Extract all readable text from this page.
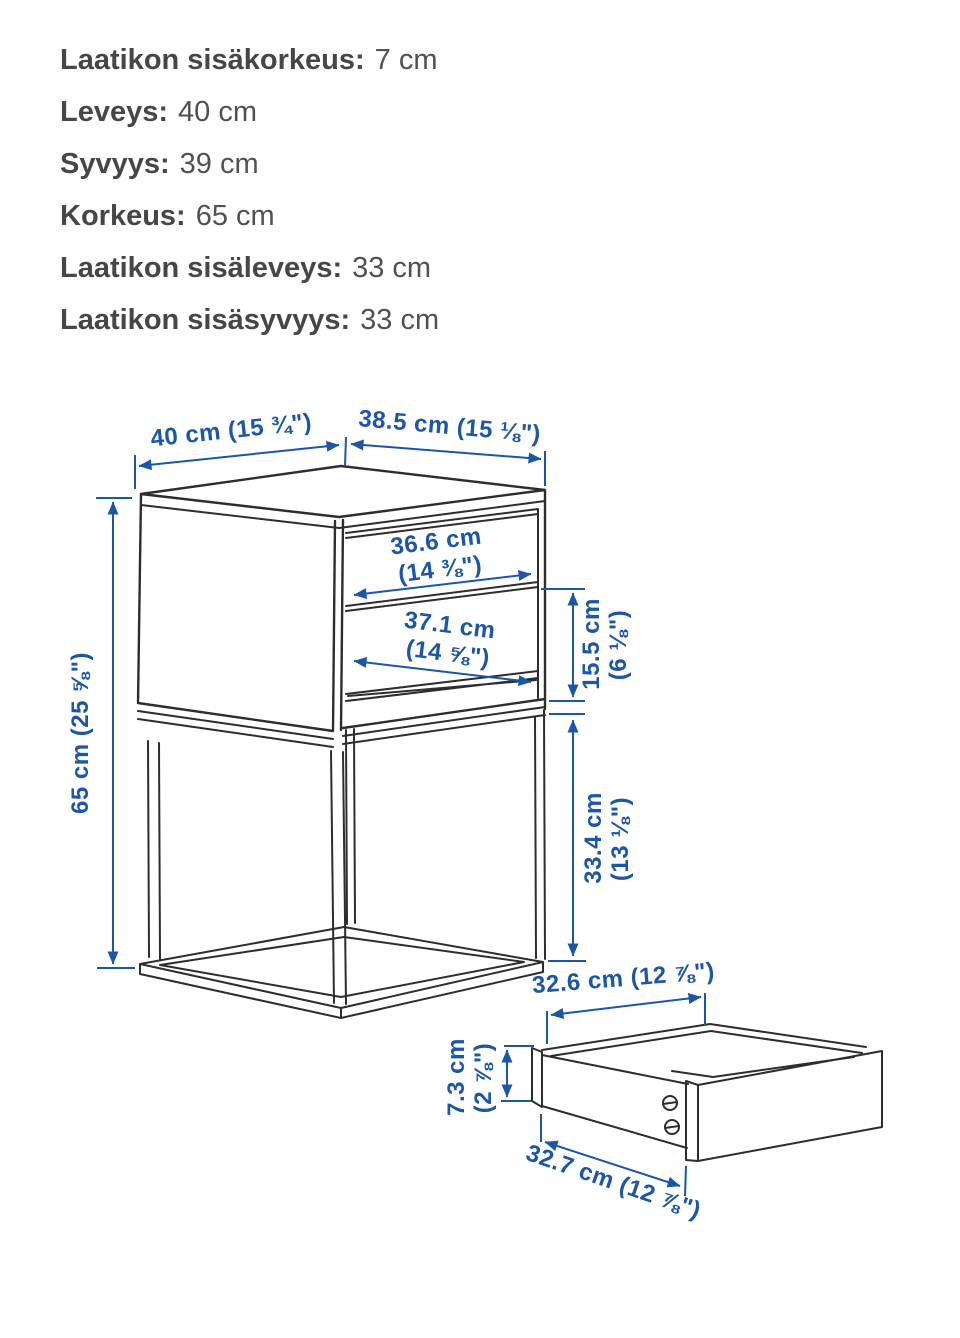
Laatikon sisäkorkeus: 7 cm
Leveys: 40 cm
Syvyys: 39 cm
Korkeus: 65 cm
Laatikon sisäleveys: 33 cm
Laatikon sisäsyvyys: 33 cm
40 cm (15 ¾") 38.5 cm (15 ⅛")
65 cm (25 ⅝")
36.6 cm
(14 ⅜")
37.1 cm
(14 ⅝")	15.5 cm (6 ⅛")
33.4 cm (13 ⅛")
32.6 cm (12 ⅞")
7.3 cm (2 ⅞")
32.7 cm (12 ⅞")
